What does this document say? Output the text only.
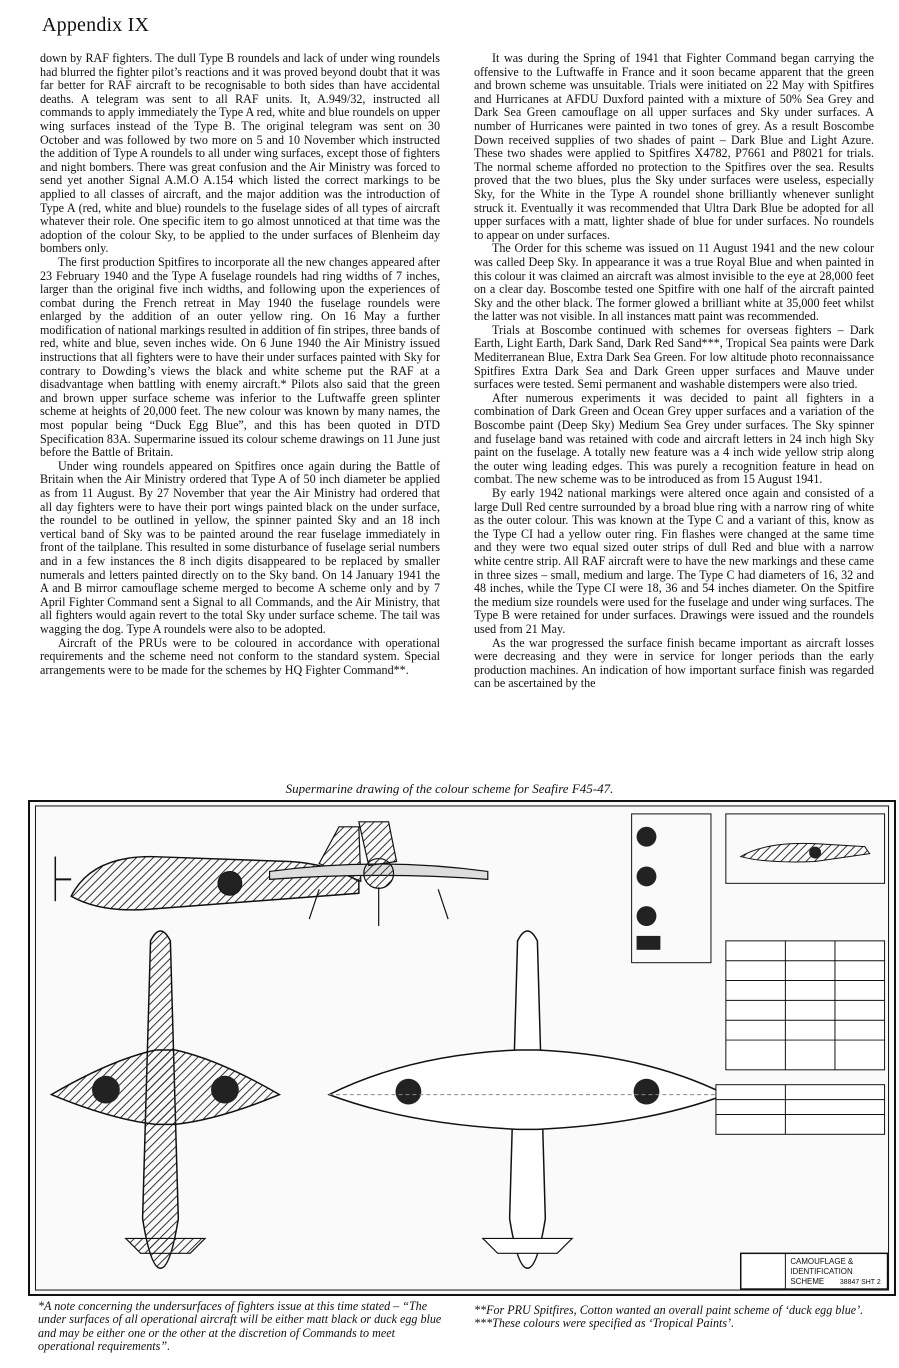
Appendix IX

down by RAF fighters. The dull Type B roundels and lack of under wing roundels had blurred the fighter pilot’s reactions and it was proved beyond doubt that it was far better for RAF aircraft to be recognisable to both sides than have accidental deaths. A telegram was sent to all RAF units. It, A.949/32, instructed all commands to apply immediately the Type A red, white and blue roundels on upper wing surfaces instead of the Type B. The original telegram was sent on 30 October and was followed by two more on 5 and 10 November which instructed the addition of Type A roundels to all under wing surfaces, except those of fighters and night bombers. There was great confusion and the Air Ministry was forced to send yet another Signal A.M.O A.154 which listed the correct markings to be applied to all classes of aircraft, and the major addition was the introduction of Type A (red, white and blue) roundels to the fuselage sides of all types of aircraft whatever their role. One specific item to go almost unnoticed at that time was the adoption of the colour Sky, to be applied to the under surfaces of Blenheim day bombers only.

The first production Spitfires to incorporate all the new changes appeared after 23 February 1940 and the Type A fuselage roundels had ring widths of 7 inches, larger than the original five inch widths, and following upon the experiences of combat during the French retreat in May 1940 the fuselage roundels were enlarged by the addition of an outer yellow ring. On 16 May a further modification of national markings resulted in addition of fin stripes, three bands of red, white and blue, seven inches wide. On 6 June 1940 the Air Ministry issued instructions that all fighters were to have their under surfaces painted with Sky for contrary to Dowding’s views the black and white scheme put the RAF at a disadvantage when battling with enemy aircraft.* Pilots also said that the green and brown upper surface scheme was inferior to the Luftwaffe green splinter scheme at heights of 20,000 feet. The new colour was known by many names, the most popular being “Duck Egg Blue”, and this has been quoted in DTD Specification 83A. Supermarine issued its colour scheme drawings on 11 June just before the Battle of Britain.

Under wing roundels appeared on Spitfires once again during the Battle of Britain when the Air Ministry ordered that Type A of 50 inch diameter be applied as from 11 August. By 27 November that year the Air Ministry had ordered that all day fighters were to have their port wings painted black on the under surface, the roundel to be outlined in yellow, the spinner painted Sky and an 18 inch vertical band of Sky was to be painted around the rear fuselage immediately in front of the tailplane. This resulted in some disturbance of fuselage serial numbers and in a few instances the 8 inch digits disappeared to be replaced by smaller numerals and letters painted directly on to the Sky band. On 14 January 1941 the A and B mirror camouflage scheme merged to become A scheme only and by 7 April Fighter Command sent a Signal to all Commands, and the Air Ministry, that all fighters would again revert to the total Sky under surface scheme. The tail was wagging the dog. Type A roundels were also to be adopted.

Aircraft of the PRUs were to be coloured in accordance with operational requirements and the scheme need not conform to the standard system. Special arrangements were to be made for the schemes by HQ Fighter Command**.

It was during the Spring of 1941 that Fighter Command began carrying the offensive to the Luftwaffe in France and it soon became apparent that the green and brown scheme was unsuitable. Trials were initiated on 22 May with Spitfires and Hurricanes at AFDU Duxford painted with a mixture of 50% Sea Grey and Dark Sea Green camouflage on all upper surfaces and Sky under surfaces. A number of Hurricanes were painted in two tones of grey. As a result Boscombe Down received supplies of two shades of paint – Dark Blue and Light Azure. These two shades were applied to Spitfires X4782, P7661 and P8021 for trials. The normal scheme afforded no protection to the Spitfires over the sea. Results proved that the two blues, plus the Sky under surfaces were useless, especially Sky, for the White in the Type A roundel shone brilliantly whenever sunlight struck it. Eventually it was recommended that Ultra Dark Blue be adopted for all upper surfaces with a matt, lighter shade of blue for under surfaces. No roundels to appear on under surfaces.

The Order for this scheme was issued on 11 August 1941 and the new colour was called Deep Sky. In appearance it was a true Royal Blue and when painted in this colour it was claimed an aircraft was almost invisible to the eye at 28,000 feet on a clear day. Boscombe tested one Spitfire with one half of the aircraft painted Sky and the other black. The former glowed a brilliant white at 35,000 feet whilst the latter was not visible. In all instances matt paint was recommended.

Trials at Boscombe continued with schemes for overseas fighters – Dark Earth, Light Earth, Dark Sand, Dark Red Sand***, Tropical Sea paints were Dark Mediterranean Blue, Extra Dark Sea Green. For low altitude photo reconnaissance Spitfires Extra Dark Sea and Dark Green upper surfaces and Mauve under surfaces were tested. Semi permanent and washable distempers were also tried.

After numerous experiments it was decided to paint all fighters in a combination of Dark Green and Ocean Grey upper surfaces and a variation of the Boscombe paint (Deep Sky) Medium Sea Grey under surfaces. The Sky spinner and fuselage band was retained with code and aircraft letters in 24 inch high Sky paint on the fuselage. A totally new feature was a 4 inch wide yellow strip along the outer wing leading edges. This was purely a recognition feature in head on combat. The new scheme was to be introduced as from 15 August 1941.

By early 1942 national markings were altered once again and consisted of a large Dull Red centre surrounded by a broad blue ring with a narrow ring of white as the outer colour. This was known at the Type C and a variant of this, know as the Type CI had a yellow outer ring. Fin flashes were changed at the same time and they were two equal sized outer strips of dull Red and blue with a narrow white centre strip. All RAF aircraft were to have the new markings and these came in three sizes – small, medium and large. The Type C had diameters of 16, 32 and 48 inches, while the Type CI were 18, 36 and 54 inches diameter. On the Spitfire the medium size roundels were used for the fuselage and under wing surfaces. The Type B were retained for under surfaces. Drawings were issued and the roundels used from 21 May.

As the war progressed the surface finish became important as aircraft losses were decreasing and they were in service for longer periods than the early production machines. An indication of how important surface finish was regarded can be ascertained by the

Supermarine drawing of the colour scheme for Seafire F45-47.
CAMOUFLAGE &
IDENTIFICATION
SCHEME 38847 SHT 2

*A note concerning the undersurfaces of fighters issue at this time stated – “The under surfaces of all operational aircraft will be either matt black or duck egg blue and may be either one or the other at the discretion of Commands to meet operational requirements”.

**For PRU Spitfires, Cotton wanted an overall paint scheme of ‘duck egg blue’.

***These colours were specified as ‘Tropical Paints’.
